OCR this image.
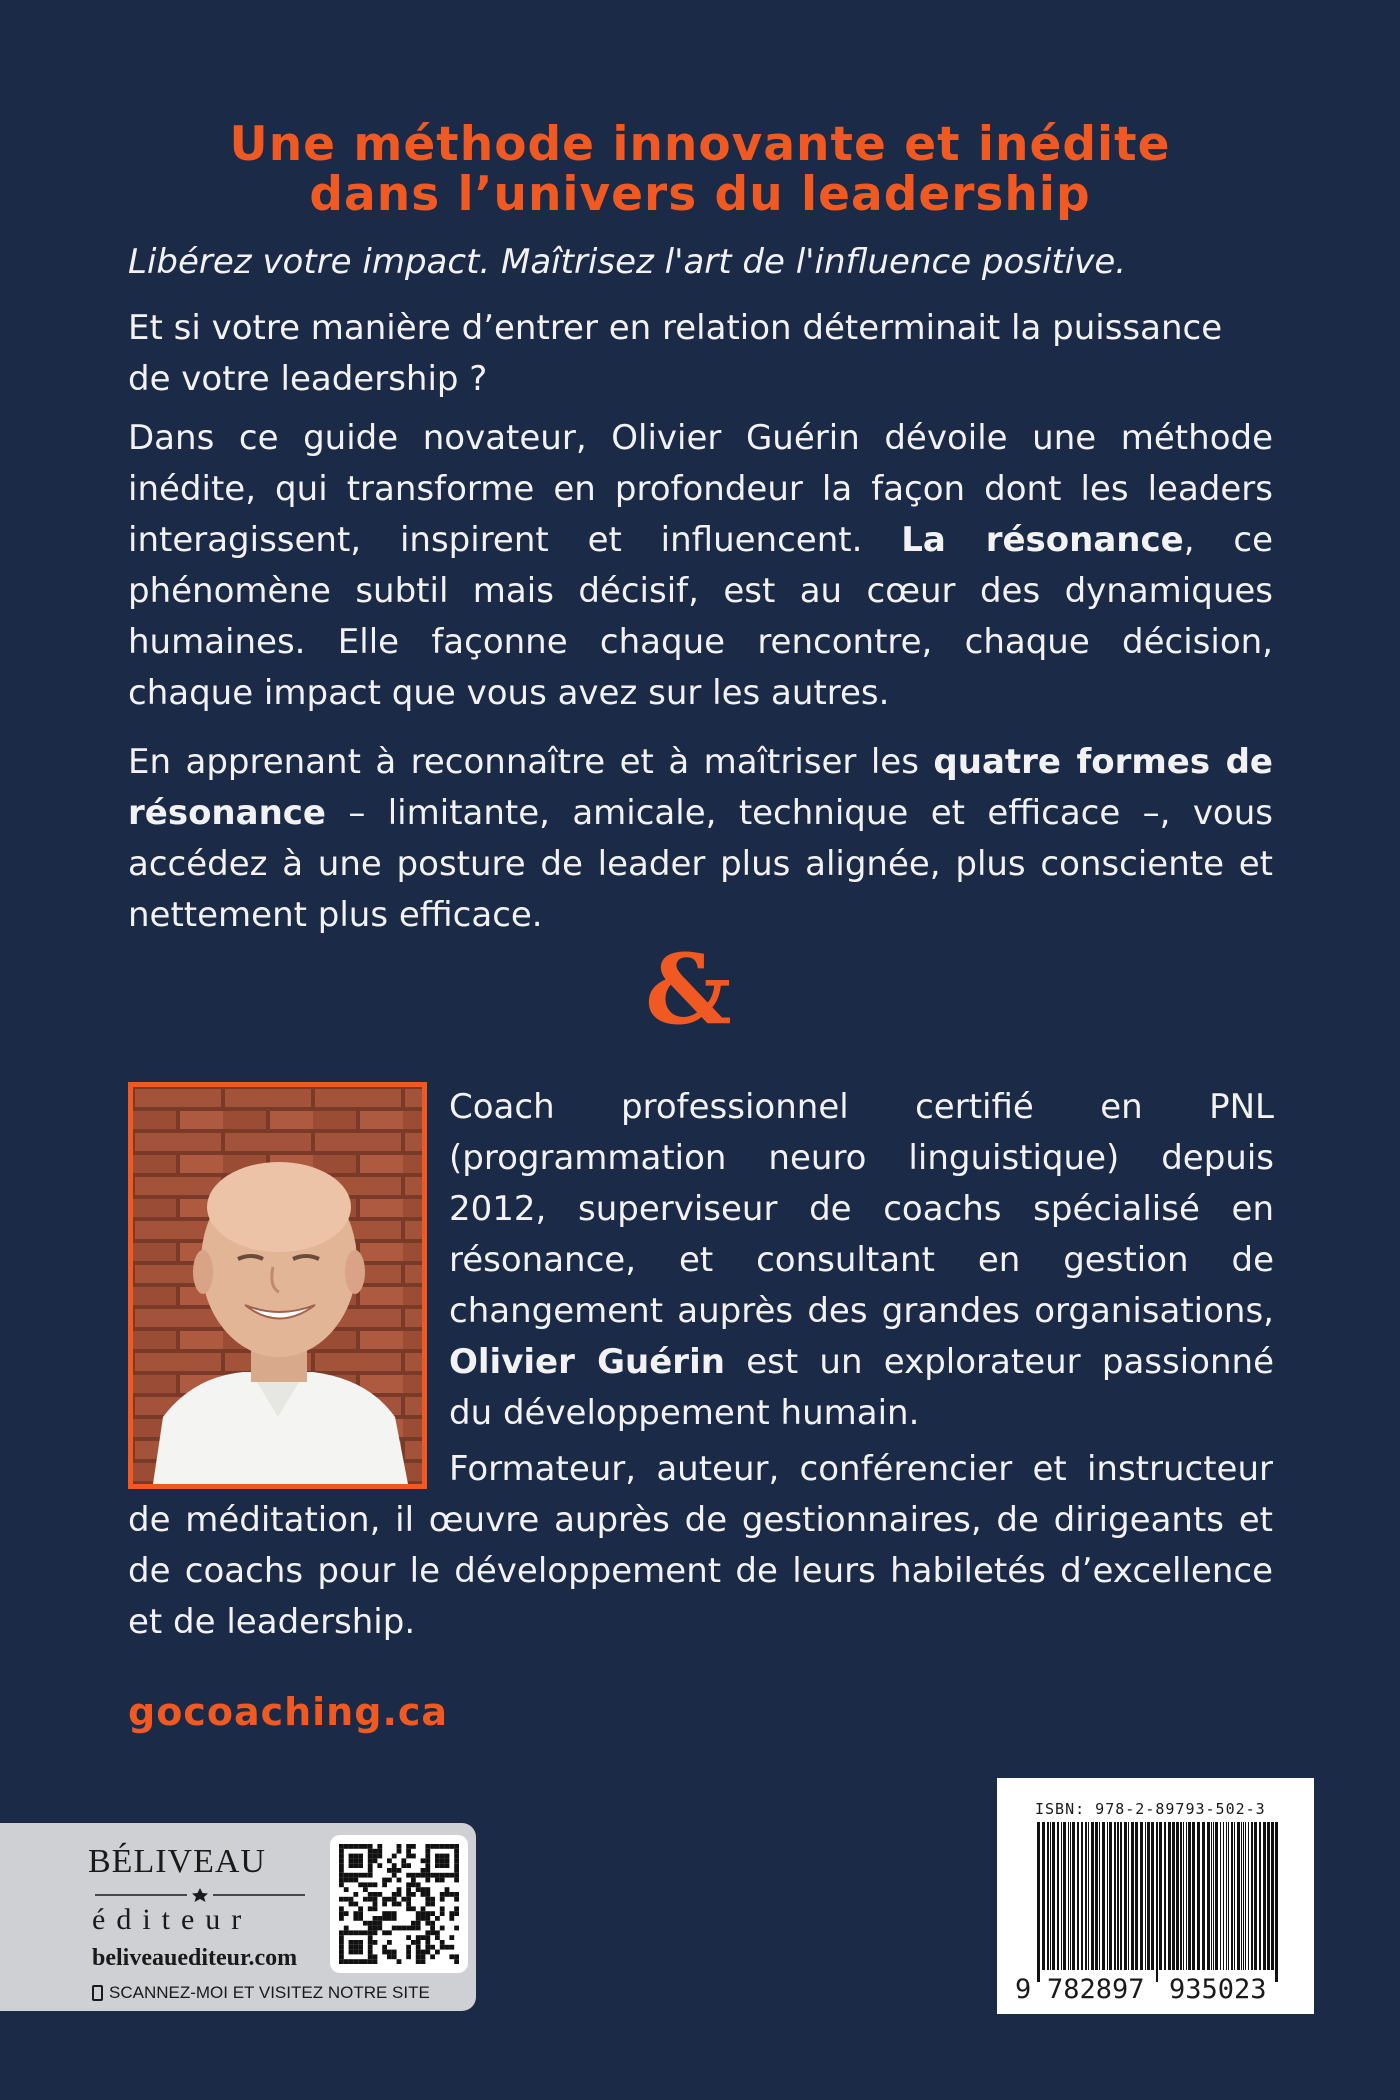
Une méthode innovante et inédite
dans l’univers du leadership

Libérez votre impact. Maîtrisez l'art de l'influence positive.

Et si votre manière d’entrer en relation déterminait la puissance de votre leadership ?

Dans ce guide novateur, Olivier Guérin dévoile une méthode inédite, qui transforme en profondeur la façon dont les leaders interagissent, inspirent et influencent. La résonance, ce phénomène subtil mais décisif, est au cœur des dynamiques humaines. Elle façonne chaque rencontre, chaque décision, chaque impact que vous avez sur les autres.

En apprenant à reconnaître et à maîtriser les quatre formes de résonance – limitante, amicale, technique et efficace –, vous accédez à une posture de leader plus alignée, plus consciente et nettement plus efficace.

&

Coach professionnel certifié en PNL (programmation neuro linguistique) depuis 2012, superviseur de coachs spécialisé en résonance, et consultant en gestion de changement auprès des grandes organisations, Olivier Guérin est un explorateur passionné du développement humain.

Formateur, auteur, conférencier et instructeur de méditation, il œuvre auprès de gestionnaires, de dirigeants et de coachs pour le développement de leurs habiletés d’excellence et de leadership.

gocoaching.ca
BÉLIVEAU
éditeur
beliveauediteur.com
SCANNEZ-MOI ET VISITEZ NOTRE SITE
ISBN: 978-2-89793-502-3
9 782897 935023
